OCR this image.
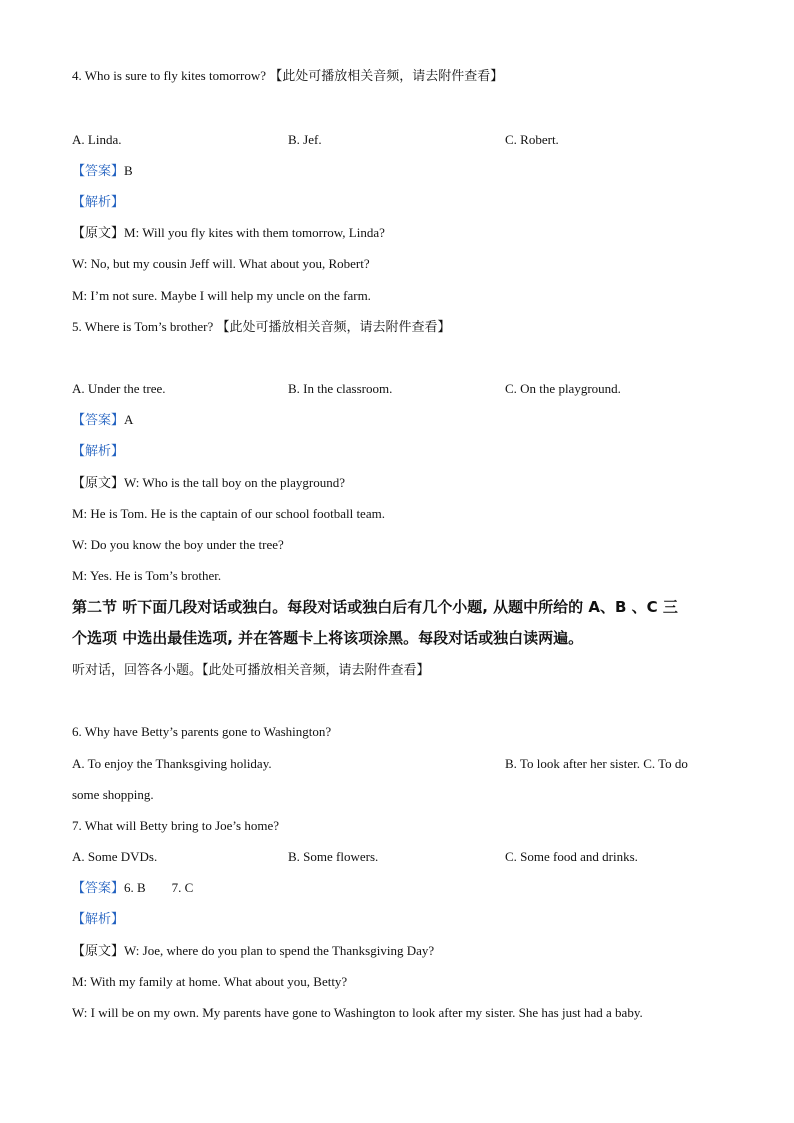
4. Who is sure to fly kites tomorrow? 【此处可播放相关音频，请去附件查看】
A. Linda.	B. Jef.	C. Robert.
【答案】B
【解析】
【原文】M: Will you fly kites with them tomorrow, Linda?
W: No, but my cousin Jeff will. What about you, Robert?
M: I’m not sure. Maybe I will help my uncle on the farm.
5. Where is Tom’s brother? 【此处可播放相关音频，请去附件查看】
A. Under the tree.	B. In the classroom.	C. On the playground.
【答案】A
【解析】
【原文】W: Who is the tall boy on the playground?
M: He is Tom. He is the captain of our school football team.
W: Do you know the boy under the tree?
M: Yes. He is Tom’s brother.
第二节 听下面几段对话或独白。每段对话或独白后有几个小题, 从题中所给的 A、B 、C 三
个选项 中选出最佳选项, 并在答题卡上将该项涂黑。每段对话或独白读两遍。
听对话，回答各小题。【此处可播放相关音频，请去附件查看】
6. Why have Betty’s parents gone to Washington?
A. To enjoy the Thanksgiving holiday.	B. To look after her sister. C. To do
some shopping.
7. What will Betty bring to Joe’s home?
A. Some DVDs.	B. Some flowers.	C. Some food and drinks.
【答案】6. B        7. C
【解析】
【原文】W: Joe, where do you plan to spend the Thanksgiving Day?
M: With my family at home. What about you, Betty?
W: I will be on my own. My parents have gone to Washington to look after my sister. She has just had a baby.
